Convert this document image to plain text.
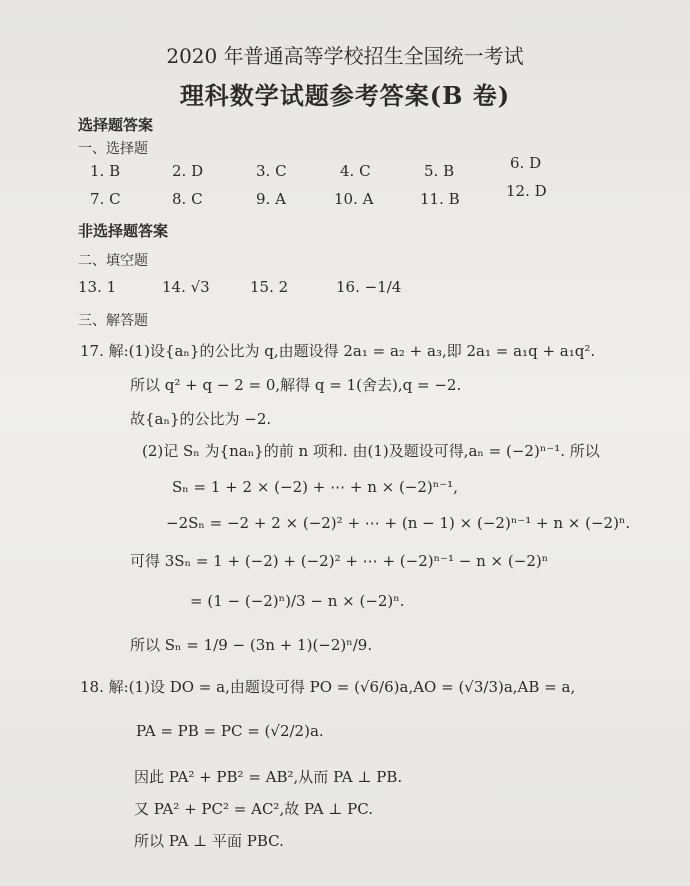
2020 年普通高等学校招生全国统一考试
理科数学试题参考答案(B 卷)
选择题答案
一、选择题
1. B	2. D	3. C	4. C	5. B	6. D
7. C	8. C	9. A	10. A	11. B	12. D
非选择题答案
二、填空题
13. 1	14. √3	15. 2	16. −1/4
三、解答题
17. 解:(1)设{aₙ}的公比为 q,由题设得 2a₁ = a₂ + a₃,即 2a₁ = a₁q + a₁q².
所以 q² + q − 2 = 0,解得 q = 1(舍去),q = −2.
故{aₙ}的公比为 −2.
(2)记 Sₙ 为{naₙ}的前 n 项和. 由(1)及题设可得,aₙ = (−2)ⁿ⁻¹. 所以
Sₙ = 1 + 2 × (−2) + ⋯ + n × (−2)ⁿ⁻¹,
−2Sₙ = −2 + 2 × (−2)² + ⋯ + (n − 1) × (−2)ⁿ⁻¹ + n × (−2)ⁿ.
可得 3Sₙ = 1 + (−2) + (−2)² + ⋯ + (−2)ⁿ⁻¹ − n × (−2)ⁿ
= (1 − (−2)ⁿ)/3 − n × (−2)ⁿ.
所以 Sₙ = 1/9 − (3n + 1)(−2)ⁿ/9.
18. 解:(1)设 DO = a,由题设可得 PO = (√6/6)a,AO = (√3/3)a,AB = a,
PA = PB = PC = (√2/2)a.
因此 PA² + PB² = AB²,从而 PA ⊥ PB.
又 PA² + PC² = AC²,故 PA ⊥ PC.
所以 PA ⊥ 平面 PBC.
